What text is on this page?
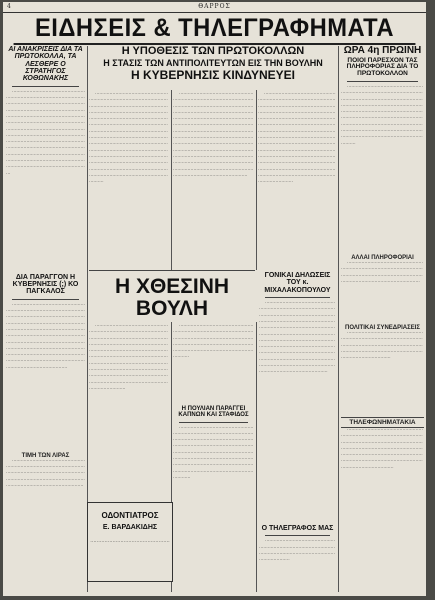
4	ΘΑΡΡΟΣ
ΕΙΔΗΣΕΙΣ & ΤΗΛΕΓΡΑΦΗΜΑΤΑ
ΑΙ ΑΝΑΚΡΙΣΕΙΣ ΔΙΑ ΤΑ ΠΡΩΤΟΚΟΛΛΑ, ΤΑ ΛΕΣΘΕΡΕ Ο ΣΤΡΑΤΗΓΟΣ ΚΟΘΩΝΑΚΗΣ
·····························································································································································································································································································································································································································································································································································································································································································································
ΔΙΑ ΠΑΡΑΓΓΟΝ Η ΚΥΒΕΡΝΗΣΙΣ (;) ΚΟ ΠΑΓΚΑΛΟΣ
··································································································································································································································································································································································································································································································································································································
ΤΙΜΗ ΤΩΝ ΛΙΡΑΣ
·········································································································································································································································································
ΟΔΟΝΤΙΑΤΡΟΣ
Ε. ΒΑΡΔΑΚΙΔΗΣ
··················································
Η ΥΠΟΘΕΣΙΣ ΤΩΝ ΠΡΩΤΟΚΟΛΛΩΝ
Η ΣΤΑΣΙΣ ΤΩΝ ΑΝΤΙΠΟΛΙΤΕΥΤΩΝ ΕΙΣ ΤΗΝ ΒΟΥΛΗΝ
Η ΚΥΒΕΡΝΗΣΙΣ ΚΙΝΔΥΝΕΥΕΙ
··························································································································································································································································································································································································································································································································································································································································································································································································
··························································································································································································································································································································································································································································································································································································································································································································································································
··························································································································································································································································································································································································································································································································································································································································································································································································
Η ΧΘΕΣΙΝΗ ΒΟΥΛΗ
·················································································································································································································································································································································································································································································································································································
··························································································································································································································································································
Η ΠΟΥΛΙΑΝ ΠΑΡΑΓΓΕΙ ΚΑΠΝΩΝ ΚΑΙ ΣΤΑΦΙΔΟΣ
································································································································································································································································································································································································································································
ΓΟΝΙΚΑΙ ΔΗΛΩΣΕΙΣ ΤΟΥ κ. ΜΙΧΑΛΑΚΟΠΟΥΛΟΥ
·······································································································································································································································································································································································································································································································································································································································
Ο ΤΗΛΕΓΡΑΦΟΣ ΜΑΣ
·············································································································································································
ΩΡΑ 4η ΠΡΩΙΝΗ
ΠΟΙΟΙ ΠΑΡΕΣΧΟΝ ΤΑΣ ΠΛΗΡΟΦΟΡΙΑΣ ΔΙΑ ΤΟ ΠΡΩΤΟΚΟΛΛΟΝ
······························································································································································································································································································································································································································································································································
ΑΛΛΑΙ ΠΛΗΡΟΦΟΡΙΑΙ
··························································································································································································································
ΠΟΛΙΤΙΚΑΙ ΣΥΝΕΔΡΙΑΣΕΙΣ
······························································································································································································································································
ΤΗΛΕΦΩΝΗΜΑΤΑΚΙΑ
················································································································································································································································································································································································
